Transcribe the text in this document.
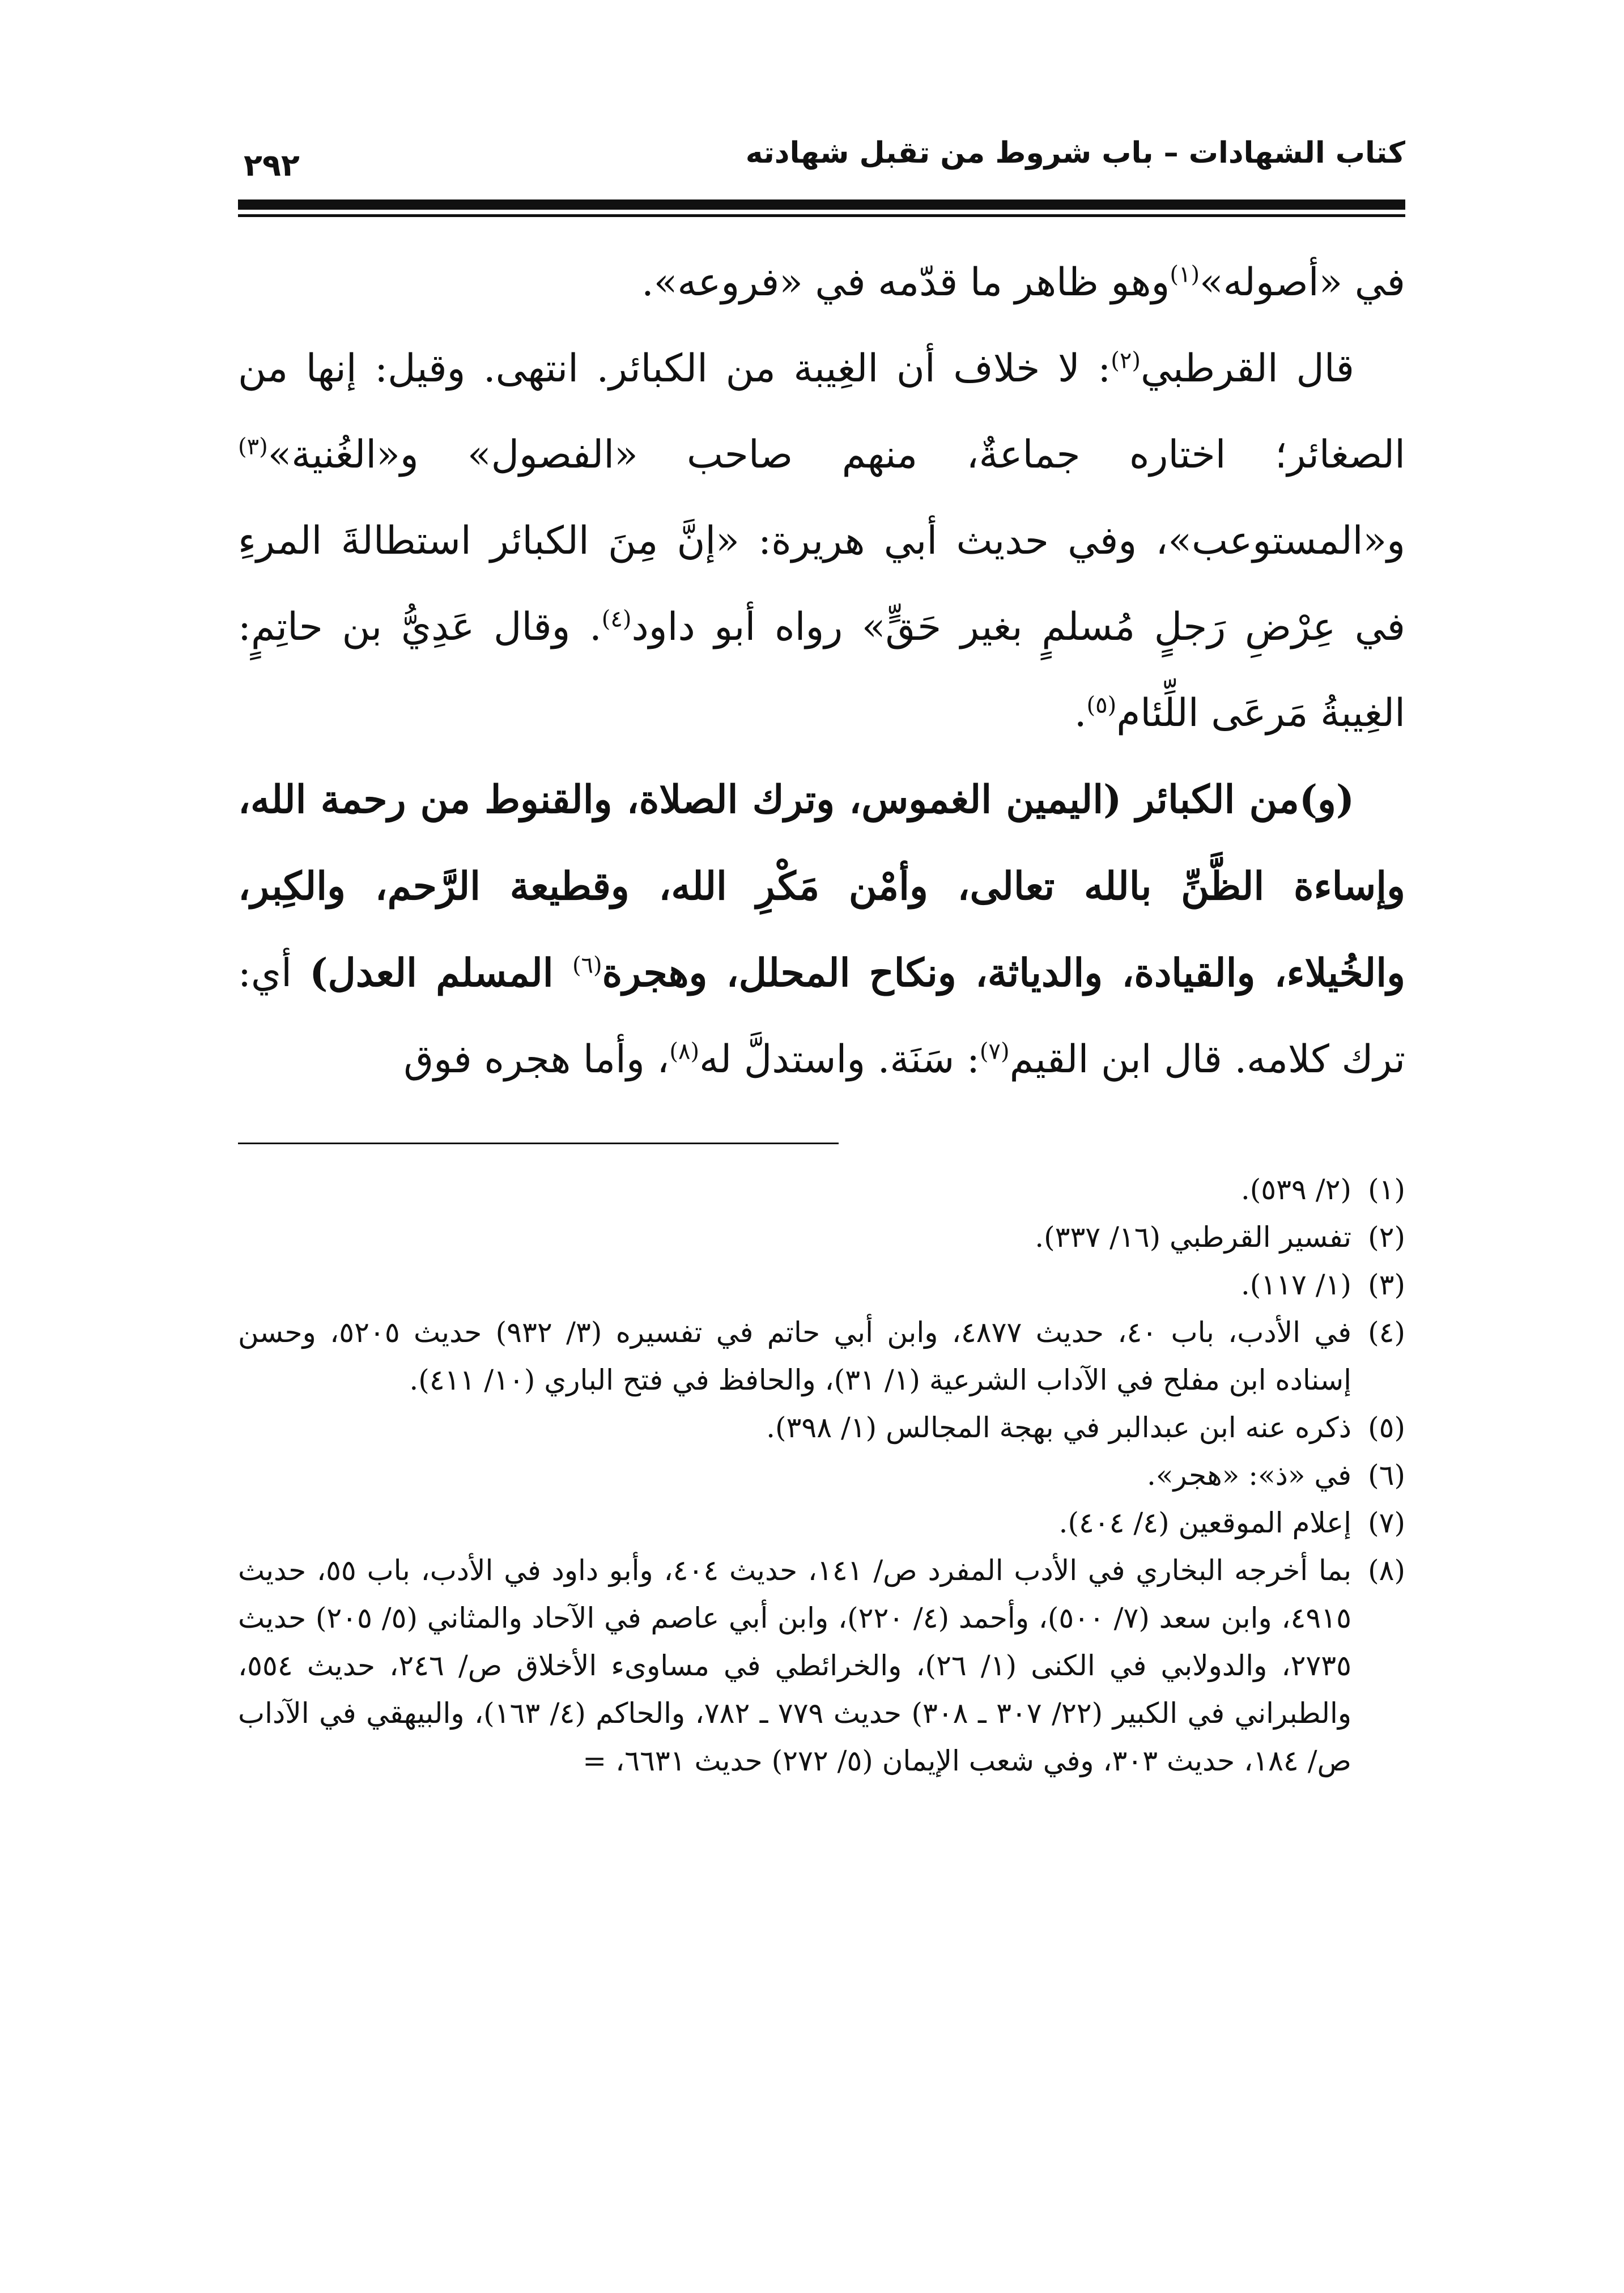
٢٩٢	كتاب الشهادات – باب شروط من تقبل شهادته

في «أصوله»$^{(١)}$وهو ظاهر ما قدّمه في «فروعه».

قال القرطبي$^{(٢)}$: لا خلاف أن الغِيبة من الكبائر. انتهى. وقيل: إنها من الصغائر؛ اختاره جماعةٌ، منهم صاحب «الفصول» و«الغُنية»$^{(٣)}$ و«المستوعب»، وفي حديث أبي هريرة: «إنَّ مِنَ الكبائر استطالةَ المرءِ في عِرْضِ رَجلٍ مُسلمٍ بغير حَقٍّ» رواه أبو داود$^{(٤)}$. وقال عَدِيُّ بن حاتِمٍ: الغِيبةُ مَرعَى اللِّئام$^{(٥)}$.

(و)من الكبائر (اليمين الغموس، وترك الصلاة، والقنوط من رحمة الله، وإساءة الظَّنِّ بالله تعالى، وأمْن مَكْرِ الله، وقطيعة الرَّحم، والكِبر، والخُيلاء، والقيادة، والدياثة، ونكاح المحلل، وهجرة$^{(٦)}$ المسلم العدل) أي: ترك كلامه. قال ابن القيم$^{(٧)}$: سَنَة. واستدلَّ له$^{(٨)}$، وأما هجره فوق

(١)
(٢/ ٥٣٩).
(٢)
تفسير القرطبي (١٦/ ٣٣٧).
(٣)
(١/ ١١٧).
(٤)
في الأدب، باب ٤٠، حديث ٤٨٧٧، وابن أبي حاتم في تفسيره (٣/ ٩٣٢) حديث ٥٢٠٥، وحسن إسناده ابن مفلح في الآداب الشرعية (١/ ٣١)، والحافظ في فتح الباري (١٠/ ٤١١).
(٥)
ذكره عنه ابن عبدالبر في بهجة المجالس (١/ ٣٩٨).
(٦)
في «ذ»: «هجر».
(٧)
إعلام الموقعين (٤/ ٤٠٤).
(٨)
بما أخرجه البخاري في الأدب المفرد ص/ ١٤١، حديث ٤٠٤، وأبو داود في الأدب، باب ٥٥، حديث ٤٩١٥، وابن سعد (٧/ ٥٠٠)، وأحمد (٤/ ٢٢٠)، وابن أبي عاصم في الآحاد والمثاني (٥/ ٢٠٥) حديث ٢٧٣٥، والدولابي في الكنى (١/ ٢٦)، والخرائطي في مساوىء الأخلاق ص/ ٢٤٦، حديث ٥٥٤، والطبراني في الكبير (٢٢/ ٣٠٧ ـ ٣٠٨) حديث ٧٧٩ ـ ٧٨٢، والحاكم (٤/ ١٦٣)، والبيهقي في الآداب ص/ ١٨٤، حديث ٣٠٣، وفي شعب الإيمان (٥/ ٢٧٢) حديث ٦٦٣١، =
